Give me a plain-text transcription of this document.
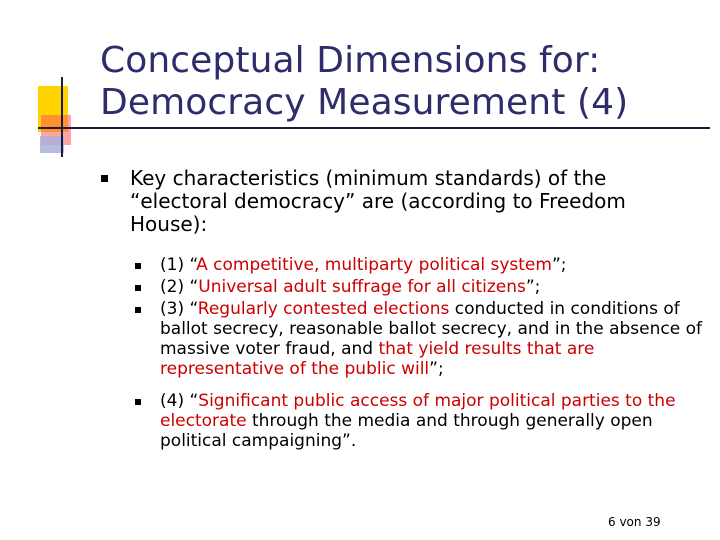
Conceptual Dimensions for:
Democracy Measurement (4)
Key characteristics (minimum standards) of the “electoral democracy” are (according to Freedom House):
(1) “A competitive, multiparty political system”;
(2) “Universal adult suffrage for all citizens”;
(3) “Regularly contested elections conducted in conditions of ballot secrecy, reasonable ballot secrecy, and in the absence of massive voter fraud, and that yield results that are representative of the public will”;
(4) “Significant public access of major political parties to the electorate through the media and through generally open political campaigning”.
6 von 39
